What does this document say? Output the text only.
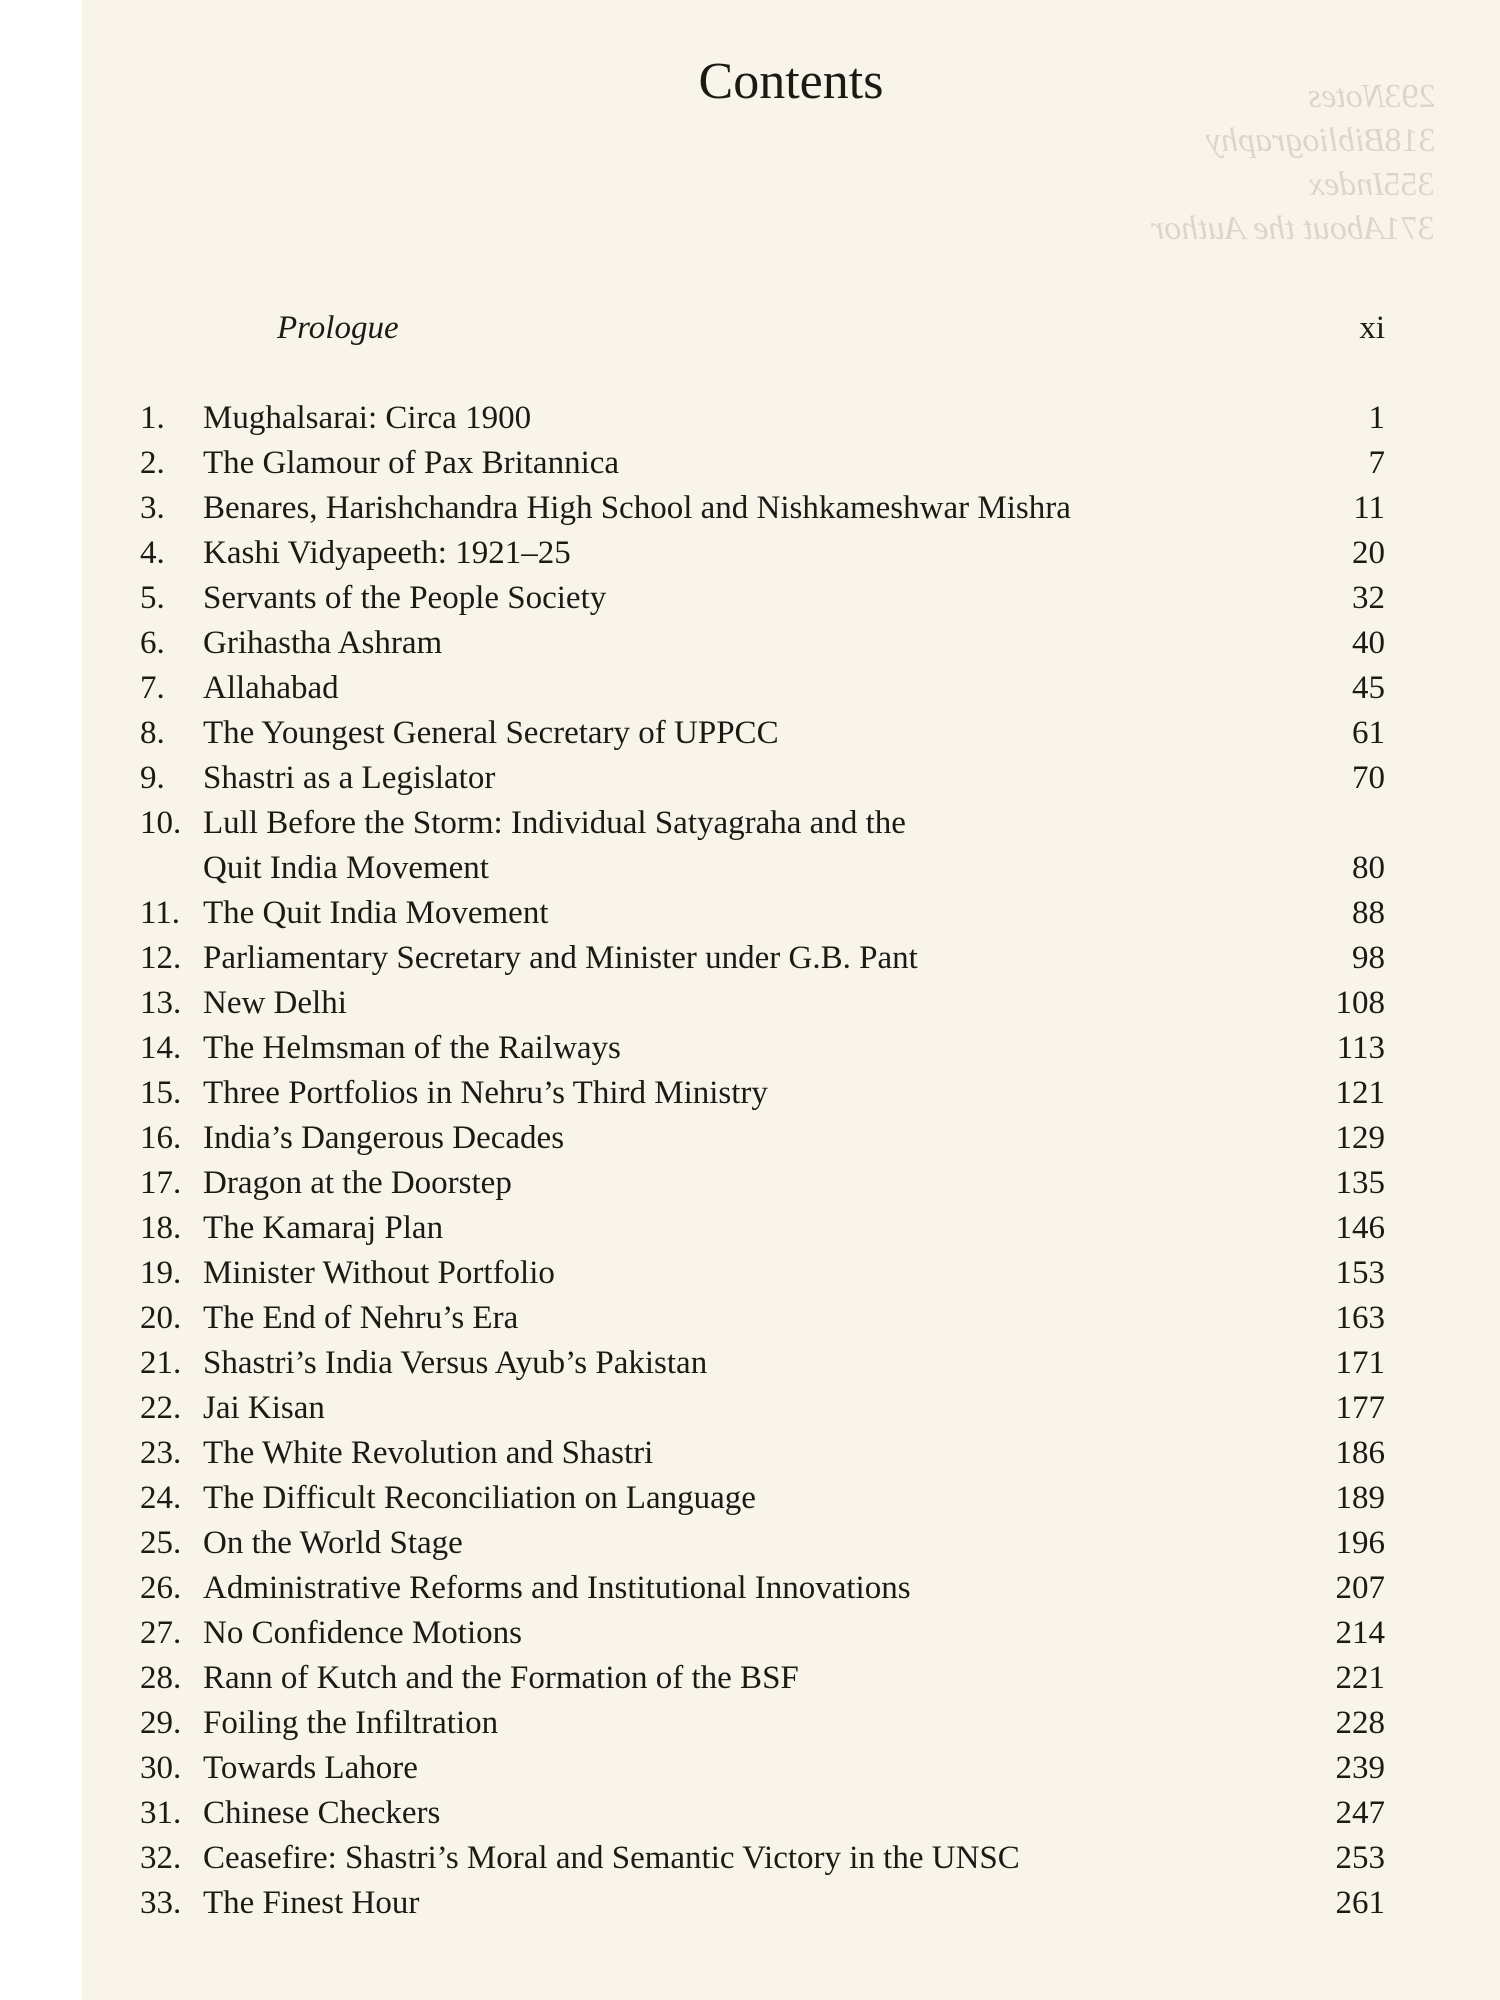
Notes 293
Bibliography 318
Index 355
About the Author 371
Contents
Prologue	xi
1. Mughalsarai: Circa 1900	1
2. The Glamour of Pax Britannica	7
3. Benares, Harishchandra High School and Nishkameshwar Mishra	11
4. Kashi Vidyapeeth: 1921–25	20
5. Servants of the People Society	32
6. Grihastha Ashram	40
7. Allahabad	45
8. The Youngest General Secretary of UPPCC	61
9. Shastri as a Legislator	70
10. Lull Before the Storm: Individual Satyagraha and the
Quit India Movement	80
11. The Quit India Movement	88
12. Parliamentary Secretary and Minister under G.B. Pant	98
13. New Delhi	108
14. The Helmsman of the Railways	113
15. Three Portfolios in Nehru’s Third Ministry	121
16. India’s Dangerous Decades	129
17. Dragon at the Doorstep	135
18. The Kamaraj Plan	146
19. Minister Without Portfolio	153
20. The End of Nehru’s Era	163
21. Shastri’s India Versus Ayub’s Pakistan	171
22. Jai Kisan	177
23. The White Revolution and Shastri	186
24. The Difficult Reconciliation on Language	189
25. On the World Stage	196
26. Administrative Reforms and Institutional Innovations	207
27. No Confidence Motions	214
28. Rann of Kutch and the Formation of the BSF	221
29. Foiling the Infiltration	228
30. Towards Lahore	239
31. Chinese Checkers	247
32. Ceasefire: Shastri’s Moral and Semantic Victory in the UNSC	253
33. The Finest Hour	261
